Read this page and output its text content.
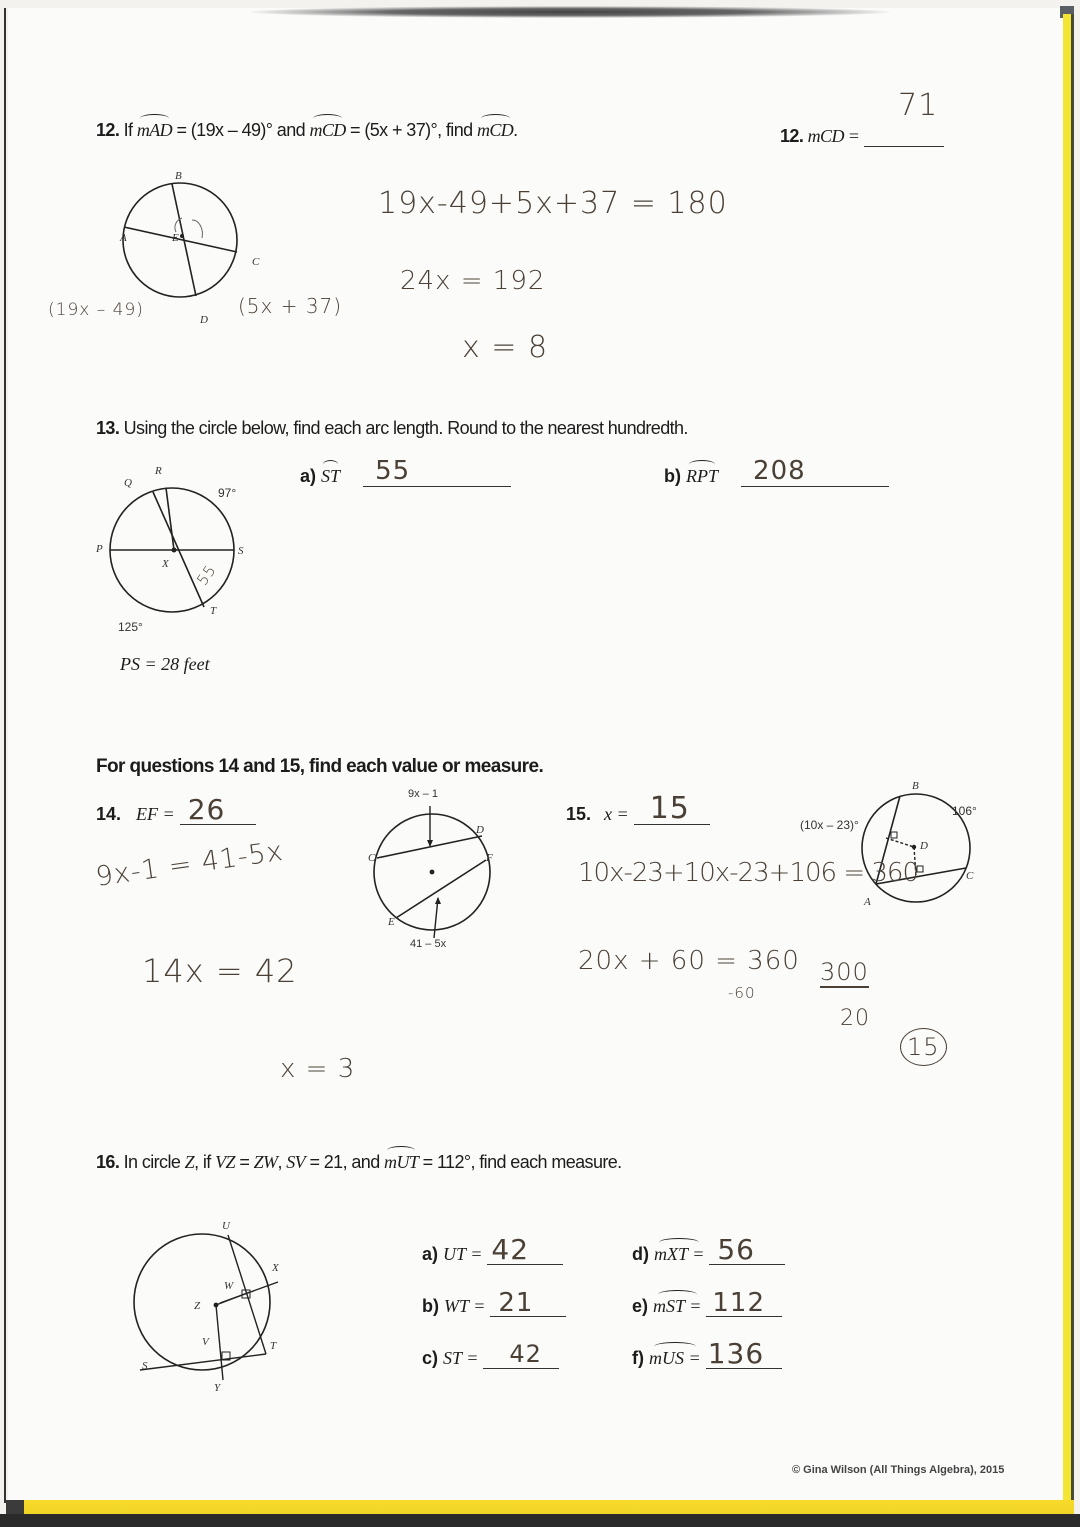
12. If mAD = (19x – 49)° and mCD = (5x + 37)°, find mCD.	12. mCD =
71
B
A
C
D
E
(19x – 49)	(5x + 37)
19x-49+5x+37 = 180
24x = 192
x = 8
13. Using the circle below, find each arc length. Round to the nearest hundredth.
a) ST 55	b) RPT 208
P
Q
R
S
T
X
97°
125°
55
PS = 28 feet
For questions 14 and 15, find each value or measure.
14. EF = 26	9x – 1
41 – 5x
C
D
E
F
9x-1 = 41-5x
14x = 42
x = 3
15. x = 15
B
D
C
A
(10x – 23)°
106°
10x-23+10x-23+106 = 360
20x + 60 = 360
-60
300
20
15
16. In circle Z, if VZ = ZW, SV = 21, and mUT = 112°, find each measure.
U
X
W
Z
V	T
S
Y
a) UT = 42
b) WT = 21
c) ST = 42
d) mXT = 56
e) mST = 112
f) mUS = 136
© Gina Wilson (All Things Algebra), 2015
